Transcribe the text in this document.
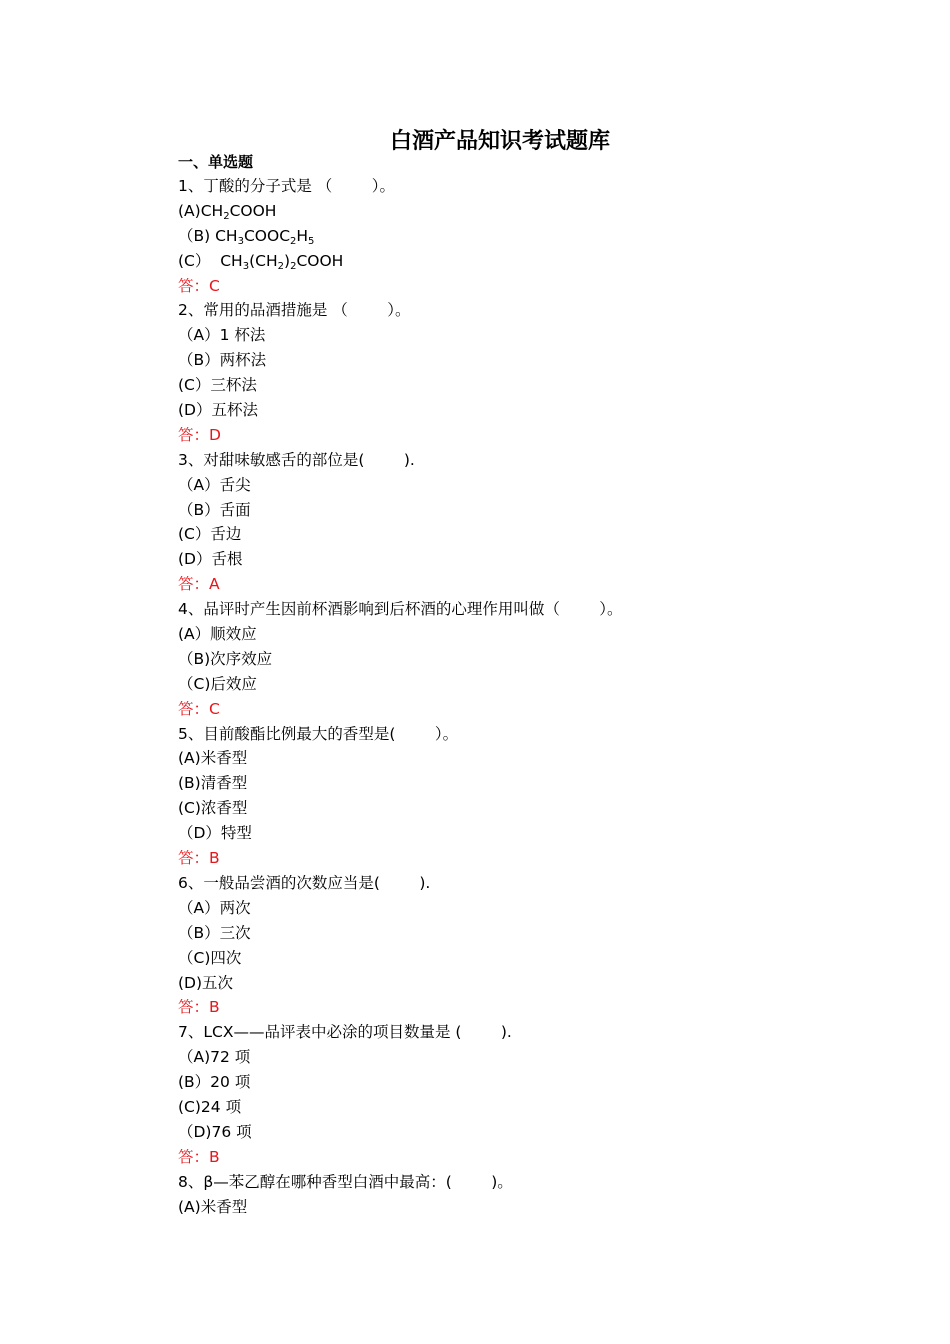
白酒产品知识考试题库
一、单选题
1、丁酸的分子式是 （        ）。
$(A)CH_2COOH$
（B) $CH_3COOC_2H_5$
(C）  $CH_3(CH_2)_2COOH$
答：C
2、常用的品酒措施是 （        ）。
（A）1 杯法
（B）两杯法
(C）三杯法
(D）五杯法
答：D
3、对甜味敏感舌的部位是(        ).
（A）舌尖
（B）舌面
(C）舌边
(D）舌根
答：A
4、品评时产生因前杯酒影响到后杯酒的心理作用叫做（        ）。
(A）顺效应
（B)次序效应
（C)后效应
答：C
5、目前酸酯比例最大的香型是(        ）。
(A)米香型
(B)清香型
(C)浓香型
（D）特型
答：B
6、一般品尝酒的次数应当是(        ).
（A）两次
（B）三次
（C)四次
(D)五次
答：B
7、LCX——品评表中必涂的项目数量是 (        ).
（A)72 项
(B）20 项
(C)24 项
（D)76 项
答：B
8、β—苯乙醇在哪种香型白酒中最高：(        )。
(A)米香型
